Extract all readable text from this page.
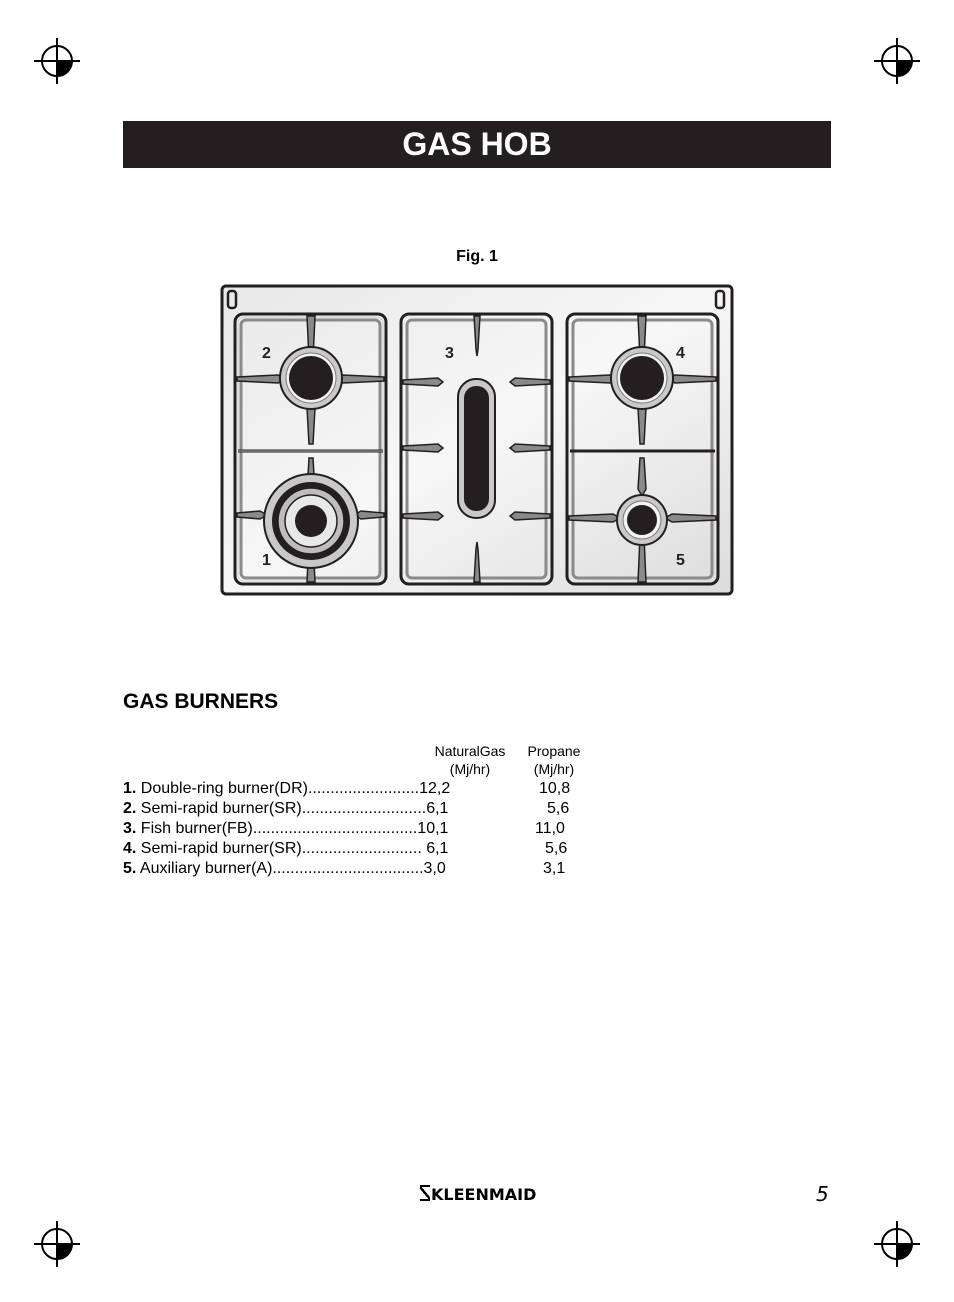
GAS HOB
Fig. 1
2	3	4
1	5
GAS BURNERS
NaturalGas
(Mj/hr)
Propane
(Mj/hr)
1. Double-ring burner(DR).........................12,2	10,8
2. Semi-rapid burner(SR)............................6,1	5,6
3. Fish burner(FB).....................................10,1	11,0
4. Semi-rapid burner(SR)........................... 6,1	5,6
5. Auxiliary burner(A)..................................3,0	3,1
KLEENMAID	5
